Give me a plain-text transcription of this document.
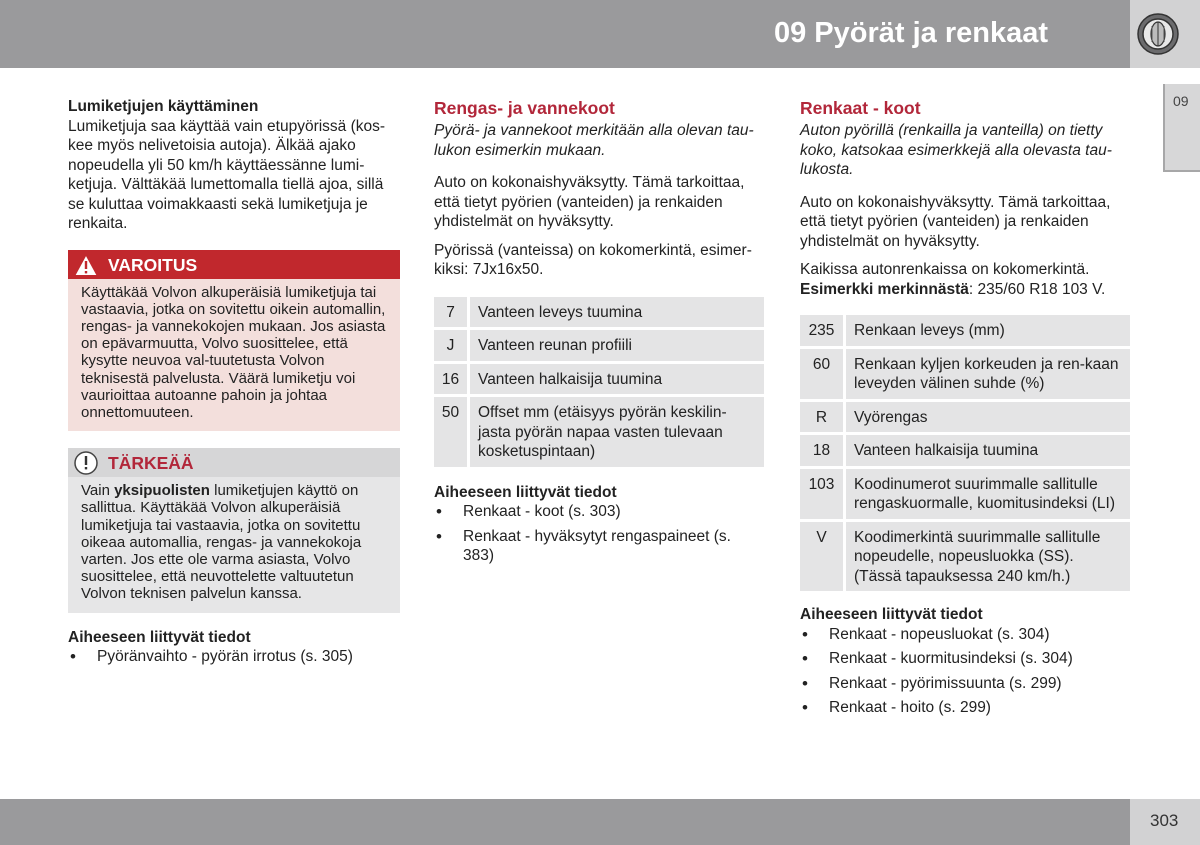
09 Pyörät ja renkaat
09
Lumiketjujen käyttäminen

Lumiketjuja saa käyttää vain etupyörissä (kos-kee myös nelivetoisia autoja). Älkää ajako nopeudella yli 50 km/h käyttäessänne lumi-ketjuja. Välttäkää lumettomalla tiellä ajoa, sillä se kuluttaa voimakkaasti sekä lumiketjuja je renkaita.

VAROITUS
Käyttäkää Volvon alkuperäisiä lumiketjuja tai vastaavia, jotka on sovitettu oikein automallin, rengas- ja vannekokojen mukaan. Jos asiasta on epävarmuutta, Volvo suosittelee, että kysytte neuvoa val-tuutetusta Volvon teknisestä palvelusta. Väärä lumiketju voi vaurioittaa autoanne pahoin ja johtaa onnettomuuteen.
TÄRKEÄÄ
Vain yksipuolisten lumiketjujen käyttö on sallittua. Käyttäkää Volvon alkuperäisiä lumiketjuja tai vastaavia, jotka on sovitettu oikeaa automallia, rengas- ja vannekokoja varten. Jos ette ole varma asiasta, Volvo suosittelee, että neuvottelette valtuutetun Volvon teknisen palvelun kanssa.
Aiheeseen liittyvät tiedot
• Pyöränvaihto - pyörän irrotus (s. 305)
Rengas- ja vannekoot

Pyörä- ja vannekoot merkitään alla olevan tau-lukon esimerkin mukaan.

Auto on kokonaishyväksytty. Tämä tarkoittaa, että tietyt pyörien (vanteiden) ja renkaiden yhdistelmät on hyväksytty.

Pyörissä (vanteissa) on kokomerkintä, esimer-kiksi: 7Jx16x50.

7	Vanteen leveys tuumina
J	Vanteen reunan profiili
16	Vanteen halkaisija tuumina
50	Offset mm (etäisyys pyörän keskilin-jasta pyörän napaa vasten tulevaan kosketuspintaan)
Aiheeseen liittyvät tiedot
• Renkaat - koot (s. 303)
• Renkaat - hyväksytyt rengaspaineet (s. 383)
Renkaat - koot

Auton pyörillä (renkailla ja vanteilla) on tietty koko, katsokaa esimerkkejä alla olevasta tau-lukosta.

Auto on kokonaishyväksytty. Tämä tarkoittaa, että tietyt pyörien (vanteiden) ja renkaiden yhdistelmät on hyväksytty.

Kaikissa autonrenkaissa on kokomerkintä.
Esimerkki merkinnästä: 235/60 R18 103 V.

235	Renkaan leveys (mm)
60	Renkaan kyljen korkeuden ja ren-kaan leveyden välinen suhde (%)
R	Vyörengas
18	Vanteen halkaisija tuumina
103	Koodinumerot suurimmalle sallitulle rengaskuormalle, kuomitusindeksi (LI)
V	Koodimerkintä suurimmalle sallitulle nopeudelle, nopeusluokka (SS). (Tässä tapauksessa 240 km/h.)
Aiheeseen liittyvät tiedot
• Renkaat - nopeusluokat (s. 304)
• Renkaat - kuormitusindeksi (s. 304)
• Renkaat - pyörimissuunta (s. 299)
• Renkaat - hoito (s. 299)
303
